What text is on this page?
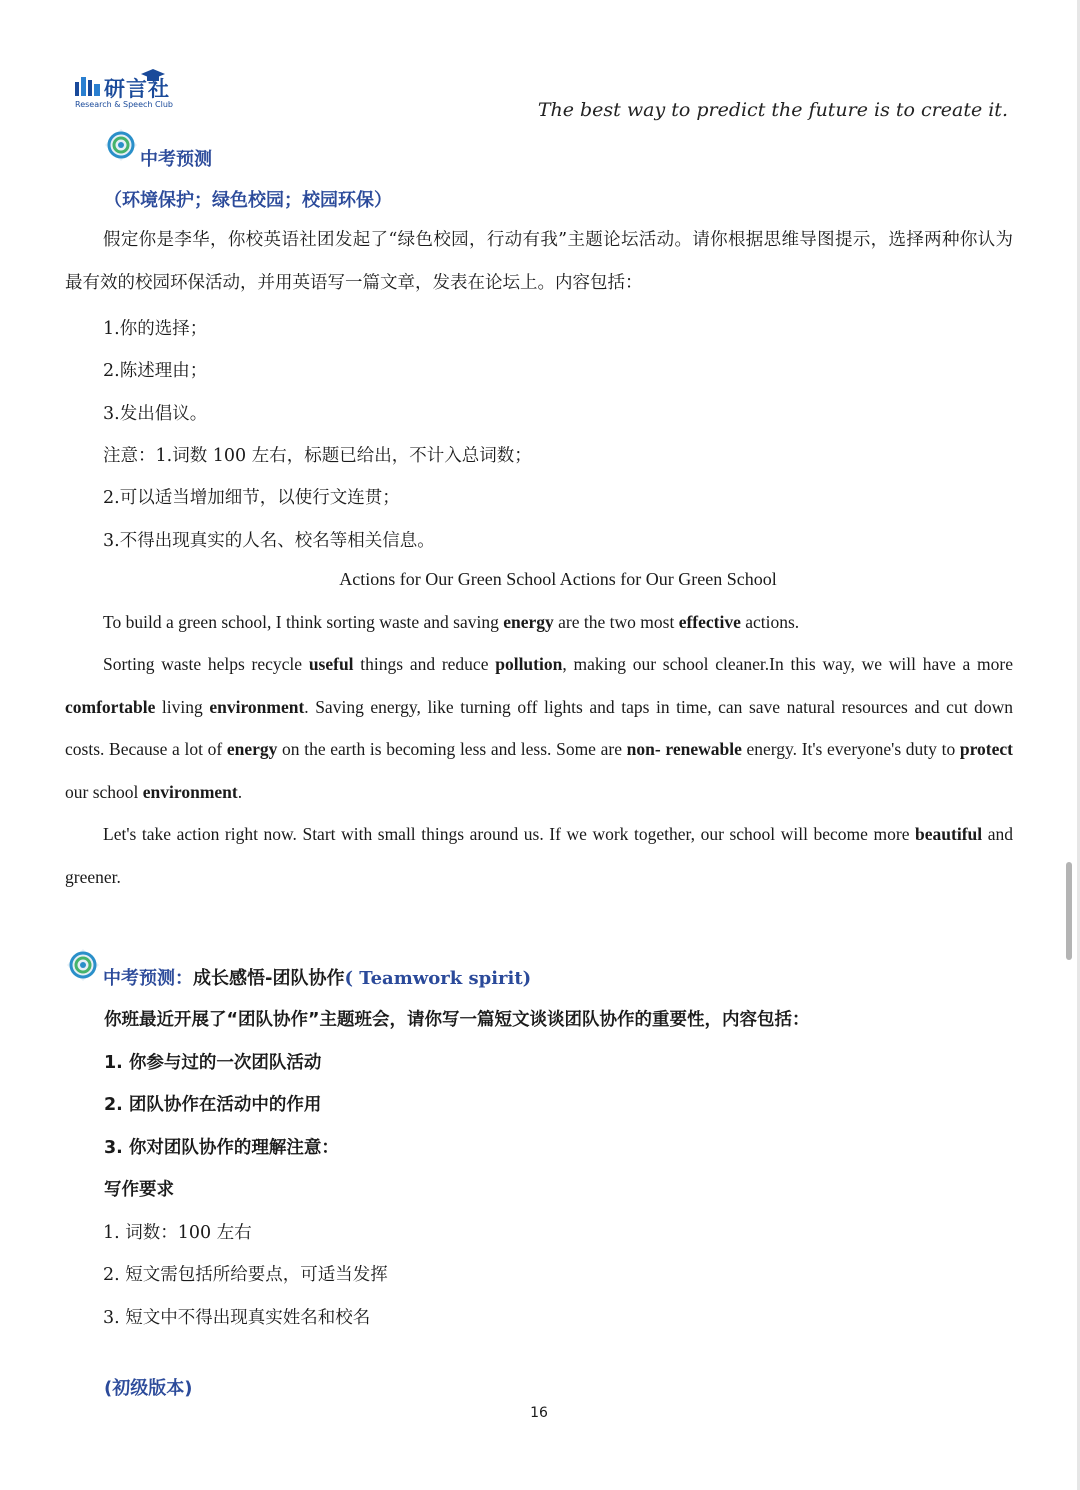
研言社
Research & Speech Club	The best way to predict the future is to create it.
中考预测
（环境保护；绿色校园；校园环保）
假定你是李华，你校英语社团发起了“绿色校园，行动有我”主题论坛活动。请你根据思维导图提示，选择两种你认为最有效的校园环保活动，并用英语写一篇文章，发表在论坛上。内容包括：
1.你的选择；
2.陈述理由；
3.发出倡议。
注意：1.词数 100 左右，标题已给出，不计入总词数；
2.可以适当增加细节，以使行文连贯；
3.不得出现真实的人名、校名等相关信息。
Actions for Our Green School Actions for Our Green School
To build a green school, I think sorting waste and saving energy are the two most effective actions.
Sorting waste helps recycle useful things and reduce pollution, making our school cleaner.In this way, we will have a more comfortable living environment. Saving energy, like turning off lights and taps in time, can save natural resources and cut down costs. Because a lot of energy on the earth is becoming less and less. Some are non- renewable energy. It's everyone's duty to protect our school environment.
Let's take action right now. Start with small things around us. If we work together, our school will become more beautiful and greener.
中考预测：成长感悟-团队协作( Teamwork spirit)
你班最近开展了“团队协作”主题班会，请你写一篇短文谈谈团队协作的重要性，内容包括：
1. 你参与过的一次团队活动
2. 团队协作在活动中的作用
3. 你对团队协作的理解注意：
写作要求
1. 词数：100 左右
2. 短文需包括所给要点，可适当发挥
3. 短文中不得出现真实姓名和校名
(初级版本)
16
